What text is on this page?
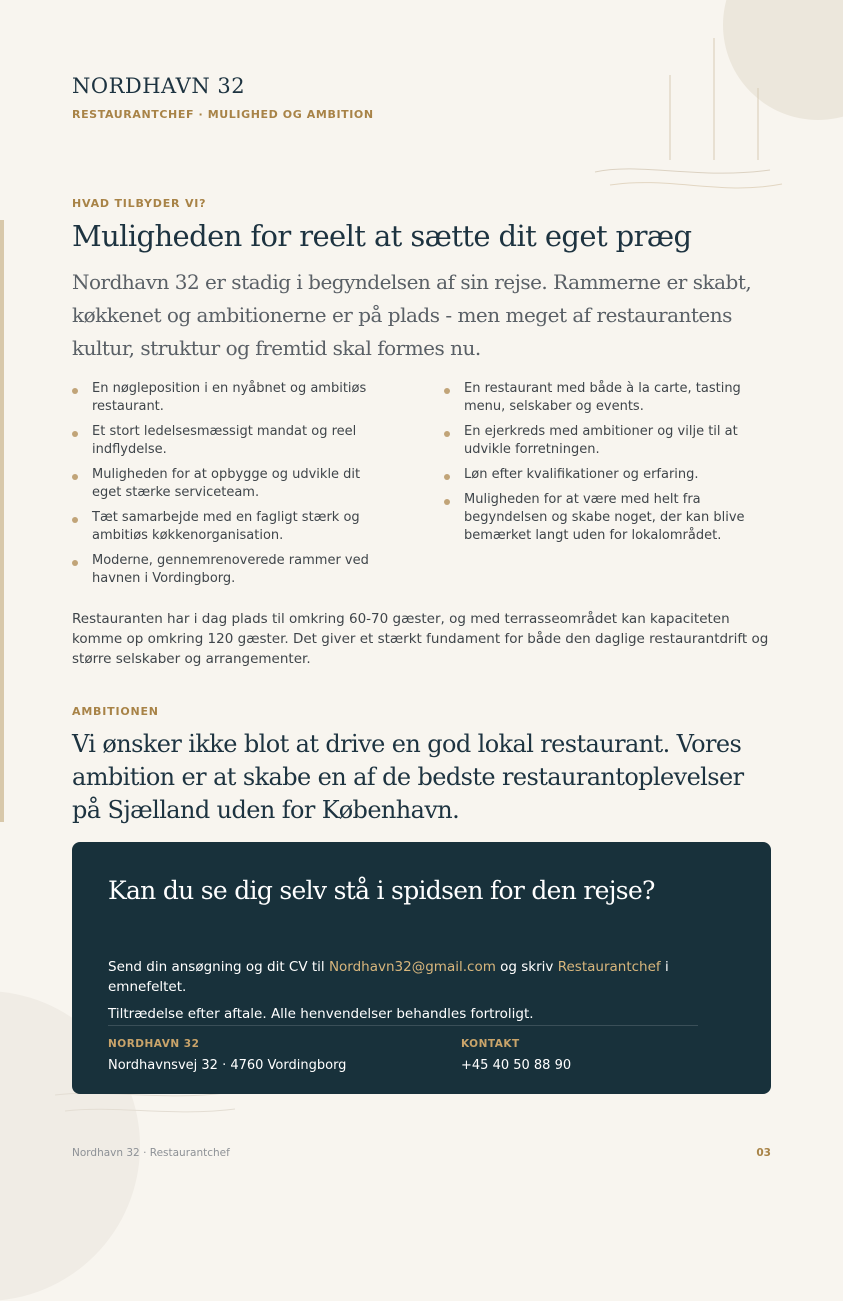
NORDHAVN 32
RESTAURANTCHEF · MULIGHED OG AMBITION
HVAD TILBYDER VI?
Muligheden for reelt at sætte dit eget præg
Nordhavn 32 er stadig i begyndelsen af sin rejse. Rammerne er skabt, køkkenet og ambitionerne er på plads - men meget af restaurantens kultur, struktur og fremtid skal formes nu.
En nøgleposition i en nyåbnet og ambitiøs restaurant.
Et stort ledelsesmæssigt mandat og reel indflydelse.
Muligheden for at opbygge og udvikle dit eget stærke serviceteam.
Tæt samarbejde med en fagligt stærk og ambitiøs køkkenorganisation.
Moderne, gennemrenoverede rammer ved havnen i Vordingborg.
En restaurant med både à la carte, tasting menu, selskaber og events.
En ejerkreds med ambitioner og vilje til at udvikle forretningen.
Løn efter kvalifikationer og erfaring.
Muligheden for at være med helt fra begyndelsen og skabe noget, der kan blive bemærket langt uden for lokalområdet.
Restauranten har i dag plads til omkring 60-70 gæster, og med terrasseområdet kan kapaciteten komme op omkring 120 gæster. Det giver et stærkt fundament for både den daglige restaurantdrift og større selskaber og arrangementer.
AMBITIONEN
Vi ønsker ikke blot at drive en god lokal restaurant. Vores ambition er at skabe en af de bedste restaurantoplevelser på Sjælland uden for København.
Kan du se dig selv stå i spidsen for den rejse?
Send din ansøgning og dit CV til Nordhavn32@gmail.com og skriv Restaurantchef i emnefeltet.
Tiltrædelse efter aftale. Alle henvendelser behandles fortroligt.
NORDHAVN 32
Nordhavnsvej 32 · 4760 Vordingborg
KONTAKT
+45 40 50 88 90
Nordhavn 32 · Restaurantchef	03
